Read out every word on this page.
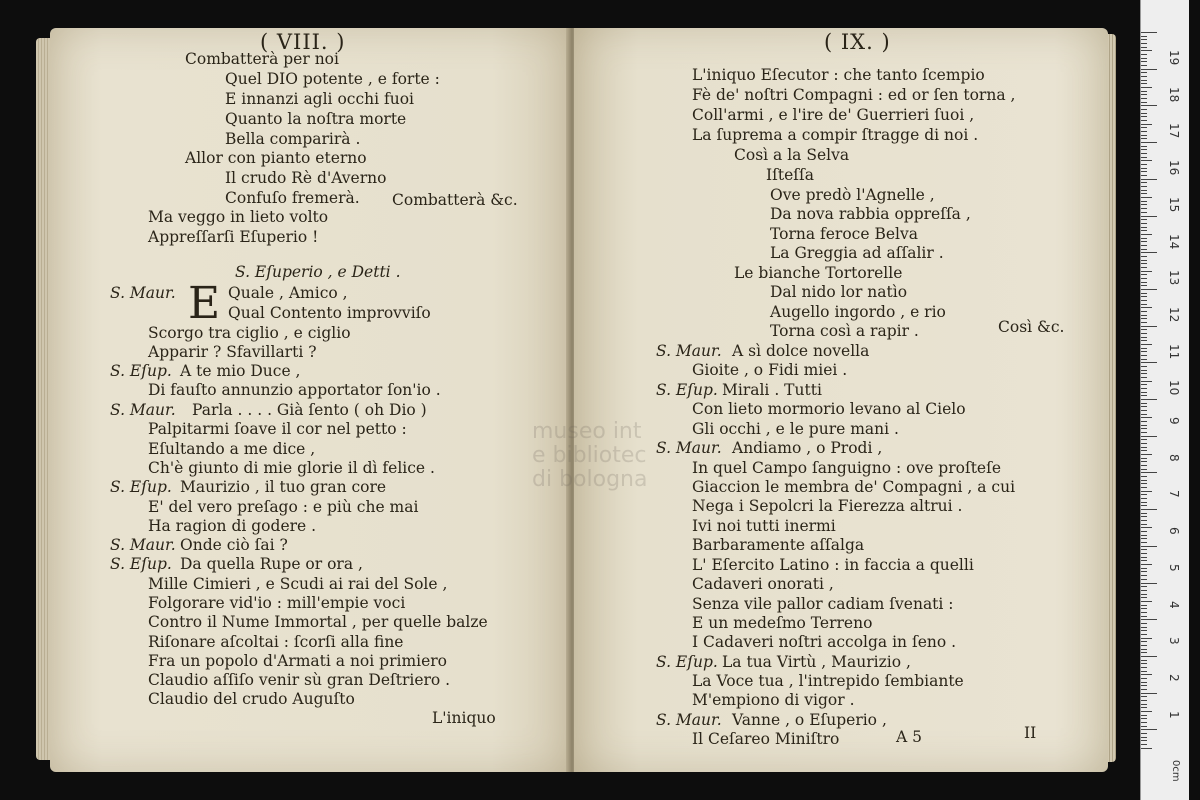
( VIII. )
Combatterà per noi
Quel DIO potente , e forte :
E innanzi agli occhi fuoi
Quanto la noſtra morte
Bella comparirà .
Allor con pianto eterno
Il crudo Rè d'Averno
Confuſo fremerà. Combatterà &c.
Ma veggo in lieto volto
Appreſſarſi Eſuperio !
S. Eſuperio , e Detti .
S. Maur. E Quale , Amico ,
Qual Contento improvviſo
Scorgo tra ciglio , e ciglio
Apparir ? Sfavillarti ?
S. Eſup. A te mio Duce ,
Di fauſto annunzio apportator ſon'io .
S. Maur. Parla . . . . Già ſento ( oh Dio )
Palpitarmi ſoave il cor nel petto :
Eſultando a me dice ,
Ch'è giunto di mie glorie il dì felice .
S. Eſup. Maurizio , il tuo gran core
E' del vero preſago : e più che mai
Ha ragion di godere .
S. Maur. Onde ciò ſai ?
S. Eſup. Da quella Rupe or ora ,
Mille Cimieri , e Scudi ai rai del Sole ,
Folgorare vid'io : mill'empie voci
Contro il Nume Immortal , per quelle balze
Riſonare aſcoltai : ſcorſi alla fine
Fra un popolo d'Armati a noi primiero
Claudio aſſiſo venir sù gran Deſtriero .
Claudio del crudo Auguſto
L'iniquo
( IX. )
L'iniquo Eſecutor : che tanto ſcempio
Fè de' noſtri Compagni : ed or ſen torna ,
Coll'armi , e l'ire de' Guerrieri ſuoi ,
La ſuprema a compir ſtragge di noi .
Così a la Selva
Iſteſſa
Ove predò l'Agnelle ,
Da nova rabbia oppreſſa ,
Torna feroce Belva
La Greggia ad aſſalir .
Le bianche Tortorelle
Dal nido lor natìo
Augello ingordo , e rio
Torna così a rapir .	Così &c.
S. Maur. A sì dolce novella
Gioite , o Fidi miei .
S. Eſup. Mirali . Tutti
Con lieto mormorio levano al Cielo
Gli occhi , e le pure mani .
S. Maur. Andiamo , o Prodi ,
In quel Campo ſanguigno : ove proſteſe
Giaccion le membra de' Compagni , a cui
Nega i Sepolcri la Fierezza altrui .
Ivi noi tutti inermi
Barbaramente aſſalga
L' Eſercito Latino : in faccia a quelli
Cadaveri onorati ,
Senza vile pallor cadiam ſvenati :
E un medeſmo Terreno
I Cadaveri noſtri accolga in ſeno .
S. Eſup. La tua Virtù , Maurizio ,
La Voce tua , l'intrepido ſembiante
M'empiono di vigor .
S. Maur. Vanne , o Eſuperio ,
Il Ceſareo Miniſtro	A 5	II
museo int
e bibliotec
di bologna
19
18
17
16
15
14
13
12
11
10
9
8
7
6
5
4
3
2
1
0cm
